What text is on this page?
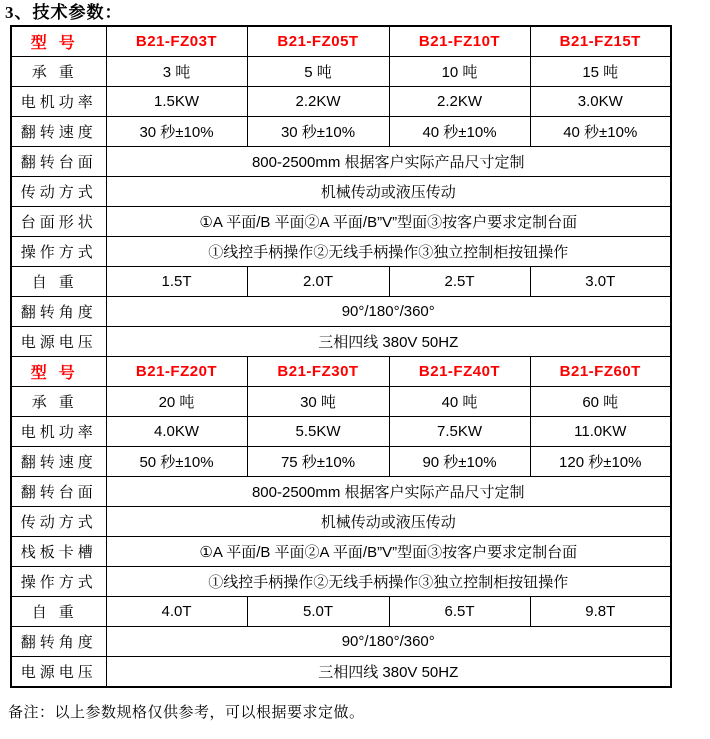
3、技术参数：
型号	B21-FZ03T	B21-FZ05T	B21-FZ10T	B21-FZ15T
承重	3 吨	5 吨	10 吨	15 吨
电机功率	1.5KW	2.2KW	2.2KW	3.0KW
翻转速度	30 秒±10%	30 秒±10%	40 秒±10%	40 秒±10%
翻转台面	800-2500mm 根据客户实际产品尺寸定制			
传动方式	机械传动或液压传动			
台面形状	①A 平面/B 平面②A 平面/B”V”型面③按客户要求定制台面			
操作方式	①线控手柄操作②无线手柄操作③独立控制柜按钮操作			
自重	1.5T	2.0T	2.5T	3.0T
翻转角度	90°/180°/360°			
电源电压	三相四线 380V 50HZ			
型号	B21-FZ20T	B21-FZ30T	B21-FZ40T	B21-FZ60T
承重	20 吨	30 吨	40 吨	60 吨
电机功率	4.0KW	5.5KW	7.5KW	11.0KW
翻转速度	50 秒±10%	75 秒±10%	90 秒±10%	120 秒±10%
翻转台面	800-2500mm 根据客户实际产品尺寸定制			
传动方式	机械传动或液压传动			
栈板卡槽	①A 平面/B 平面②A 平面/B”V”型面③按客户要求定制台面			
操作方式	①线控手柄操作②无线手柄操作③独立控制柜按钮操作			
自重	4.0T	5.0T	6.5T	9.8T
翻转角度	90°/180°/360°			
电源电压	三相四线 380V 50HZ			
备注：以上参数规格仅供参考，可以根据要求定做。
